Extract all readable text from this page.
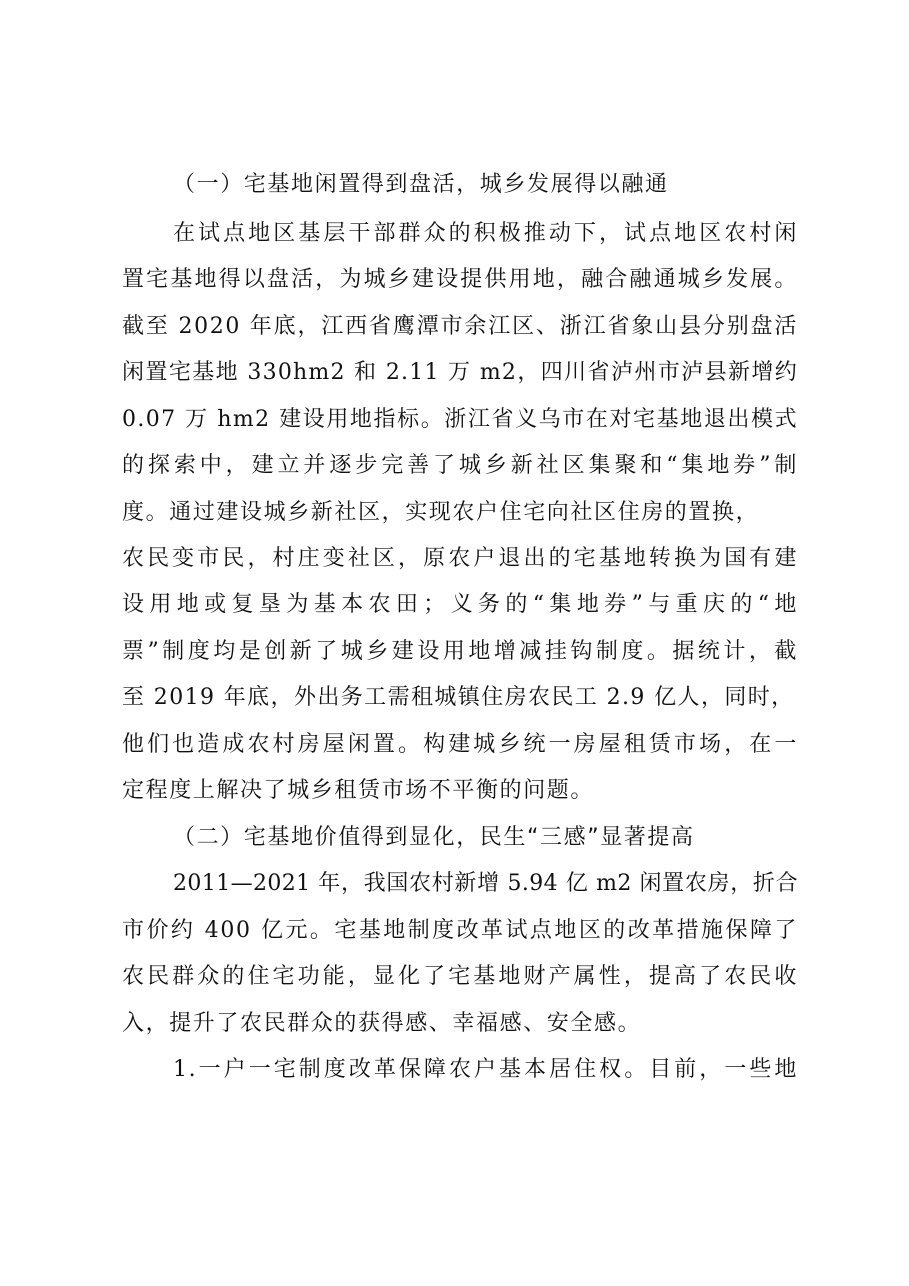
（一）宅基地闲置得到盘活，城乡发展得以融通
在试点地区基层干部群众的积极推动下，试点地区农村闲
置宅基地得以盘活，为城乡建设提供用地，融合融通城乡发展。
截至 2020 年底，江西省鹰潭市余江区、浙江省象山县分别盘活
闲置宅基地 330hm2 和 2.11 万 m2，四川省泸州市泸县新增约
0.07 万 hm2 建设用地指标。浙江省义乌市在对宅基地退出模式
的探索中，建立并逐步完善了城乡新社区集聚和“集地券”制
度。通过建设城乡新社区，实现农户住宅向社区住房的置换，
农民变市民，村庄变社区，原农户退出的宅基地转换为国有建
设用地或复垦为基本农田；义务的“集地券”与重庆的“地
票”制度均是创新了城乡建设用地增减挂钩制度。据统计，截
至 2019 年底，外出务工需租城镇住房农民工 2.9 亿人，同时，
他们也造成农村房屋闲置。构建城乡统一房屋租赁市场，在一
定程度上解决了城乡租赁市场不平衡的问题。
（二）宅基地价值得到显化，民生“三感”显著提高
2011—2021 年，我国农村新增 5.94 亿 m2 闲置农房，折合
市价约 400 亿元。宅基地制度改革试点地区的改革措施保障了
农民群众的住宅功能，显化了宅基地财产属性，提高了农民收
入，提升了农民群众的获得感、幸福感、安全感。
1.一户一宅制度改革保障农户基本居住权。目前，一些地
